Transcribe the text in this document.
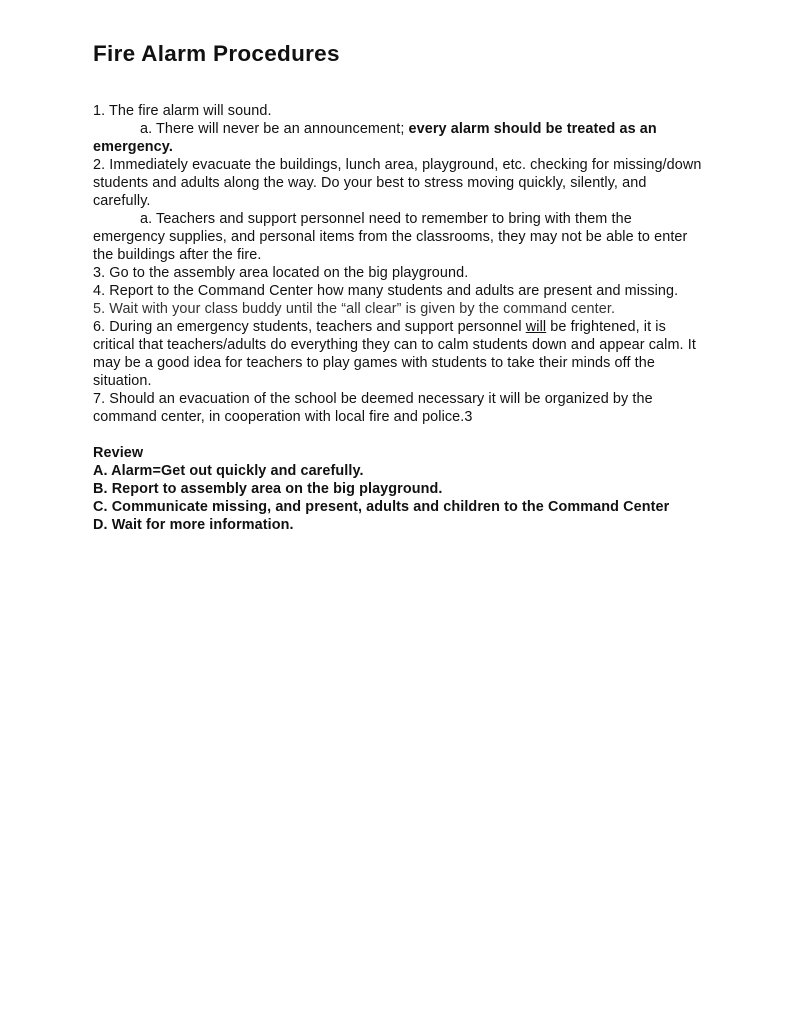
Fire Alarm Procedures

1. The fire alarm will sound.

a. There will never be an announcement; every alarm should be treated as an emergency.

2. Immediately evacuate the buildings, lunch area, playground, etc. checking for missing/down students and adults along the way. Do your best to stress moving quickly, silently, and carefully.

a. Teachers and support personnel need to remember to bring with them the emergency supplies, and personal items from the classrooms, they may not be able to enter the buildings after the fire.

3. Go to the assembly area located on the big playground.

4. Report to the Command Center how many students and adults are present and missing.

5. Wait with your class buddy until the “all clear” is given by the command center.

6. During an emergency students, teachers and support personnel will be frightened, it is critical that teachers/adults do everything they can to calm students down and appear calm. It may be a good idea for teachers to play games with students to take their minds off the situation.

7. Should an evacuation of the school be deemed necessary it will be organized by the command center, in cooperation with local fire and police.3

Review

A. Alarm=Get out quickly and carefully.

B. Report to assembly area on the big playground.

C. Communicate missing, and present, adults and children to the Command Center

D. Wait for more information.
